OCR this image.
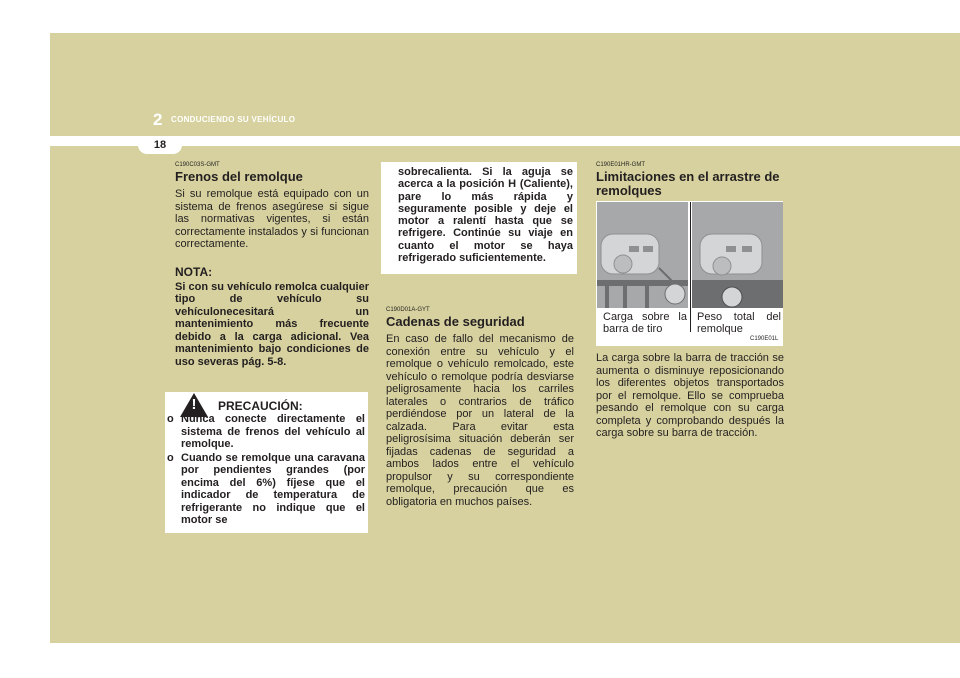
2 CONDUCIENDO SU VEHÍCULO
18

C190C03S-GMT

Frenos del remolque

Si su remolque está equipado con un sistema de frenos asegúrese si sigue las normativas vigentes, si están correctamente instalados y si funcionan correctamente.

NOTA:

Si con su vehículo remolca cualquier tipo de vehículo su vehículonecesitará un mantenimiento más frecuente debido a la carga adicional. Vea mantenimiento bajo condiciones de uso severas pág. 5-8.

! PRECAUCIÓN:
o Nunca conecte directamente el sistema de frenos del vehículo al remolque.
o Cuando se remolque una caravana por pendientes grandes (por encima del 6%) fíjese que el indicador de temperatura de refrigerante no indique que el motor se
sobrecalienta. Si la aguja se acerca a la posición H (Caliente), pare lo más rápida y seguramente posible y deje el motor a ralentí hasta que se refrigere. Continúe su viaje en cuanto el motor se haya refrigerado suficientemente.

C190D01A-GYT

Cadenas de seguridad

En caso de fallo del mecanismo de conexión entre su vehículo y el remolque o vehículo remolcado, este vehículo o remolque podría desviarse peligrosamente hacia los carriles laterales o contrarios de tráfico perdiéndose por un lateral de la calzada. Para evitar esta peligrosísima situación deberán ser fijadas cadenas de seguridad a ambos lados entre el vehículo propulsor y su correspondiente remolque, precaución que es obligatoria en muchos países.

C190E01HR-GMT

Limitaciones en el arrastre de remolques
Carga sobre la barra de tiro
Peso total del remolque
C190E01L

La carga sobre la barra de tracción se aumenta o disminuye reposicionando los diferentes objetos transportados por el remolque. Ello se comprueba pesando el remolque con su carga completa y comprobando después la carga sobre su barra de tracción.
